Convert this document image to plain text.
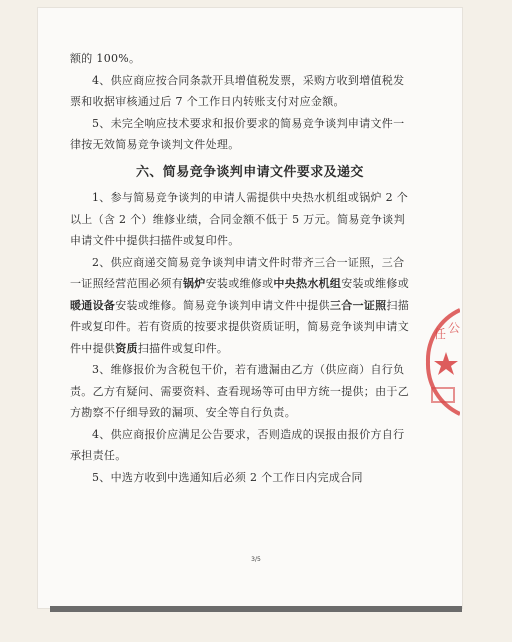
额的 100%。

4、供应商应按合同条款开具增值税发票，采购方收到增值税发票和收据审核通过后 7 个工作日内转账支付对应金额。

5、未完全响应技术要求和报价要求的简易竞争谈判申请文件一律按无效简易竞争谈判文件处理。

六、简易竞争谈判申请文件要求及递交

1、参与简易竞争谈判的申请人需提供中央热水机组或锅炉 2 个以上（含 2 个）维修业绩，合同金额不低于 5 万元。简易竞争谈判申请文件中提供扫描件或复印件。

2、供应商递交简易竞争谈判申请文件时带齐三合一证照，三合一证照经营范围必须有锅炉安装或维修或中央热水机组安装或维修或暖通设备安装或维修。简易竞争谈判申请文件中提供三合一证照扫描件或复印件。若有资质的按要求提供资质证明，简易竞争谈判申请文件中提供资质扫描件或复印件。

3、维修报价为含税包干价，若有遗漏由乙方（供应商）自行负责。乙方有疑问、需要资料、查看现场等可由甲方统一提供；由于乙方勘察不仔细导致的漏项、安全等自行负责。

4、供应商报价应满足公告要求，否则造成的误报由报价方自行承担责任。

5、中选方收到中选通知后必须 2 个工作日内完成合同

3/5
任 公
